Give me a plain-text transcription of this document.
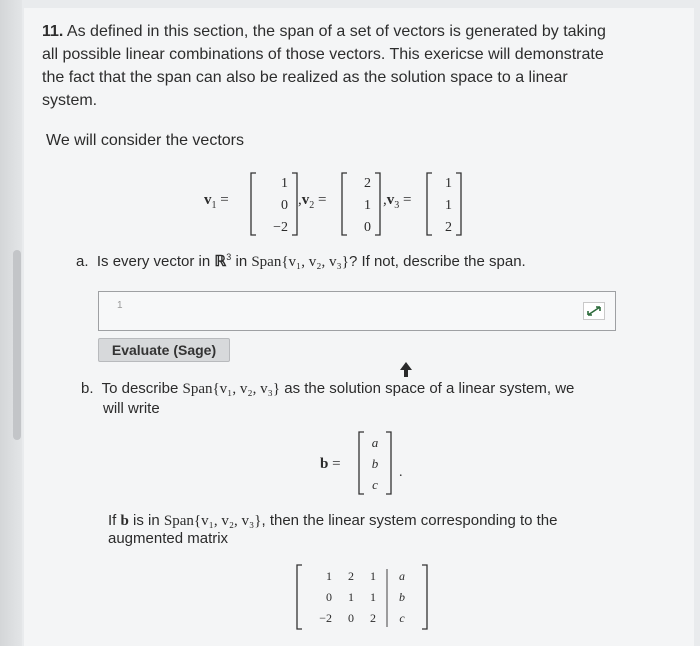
11. As defined in this section, the span of a set of vectors is generated by taking
all possible linear combinations of those vectors. This exericse will demonstrate
the fact that the span can also be realized as the solution space to a linear
system.
We will consider the vectors
$v_1$ =
1
0
−2
$,v_2$ =
2
1
0
$,v_3$ =
1
1
2
a. Is every vector in ℝ$^3$ in Span{v₁, v₂, v₃}? If not, describe the span.
1
Evaluate (Sage)
b. To describe Span{v₁, v₂, v₃} as the solution space of a linear system, we
will write
b =
a
b
c
.
If b is in Span{v₁, v₂, v₃}, then the linear system corresponding to the
augmented matrix
1 2 1 a
0 1 1 b
−2 0 2 c
